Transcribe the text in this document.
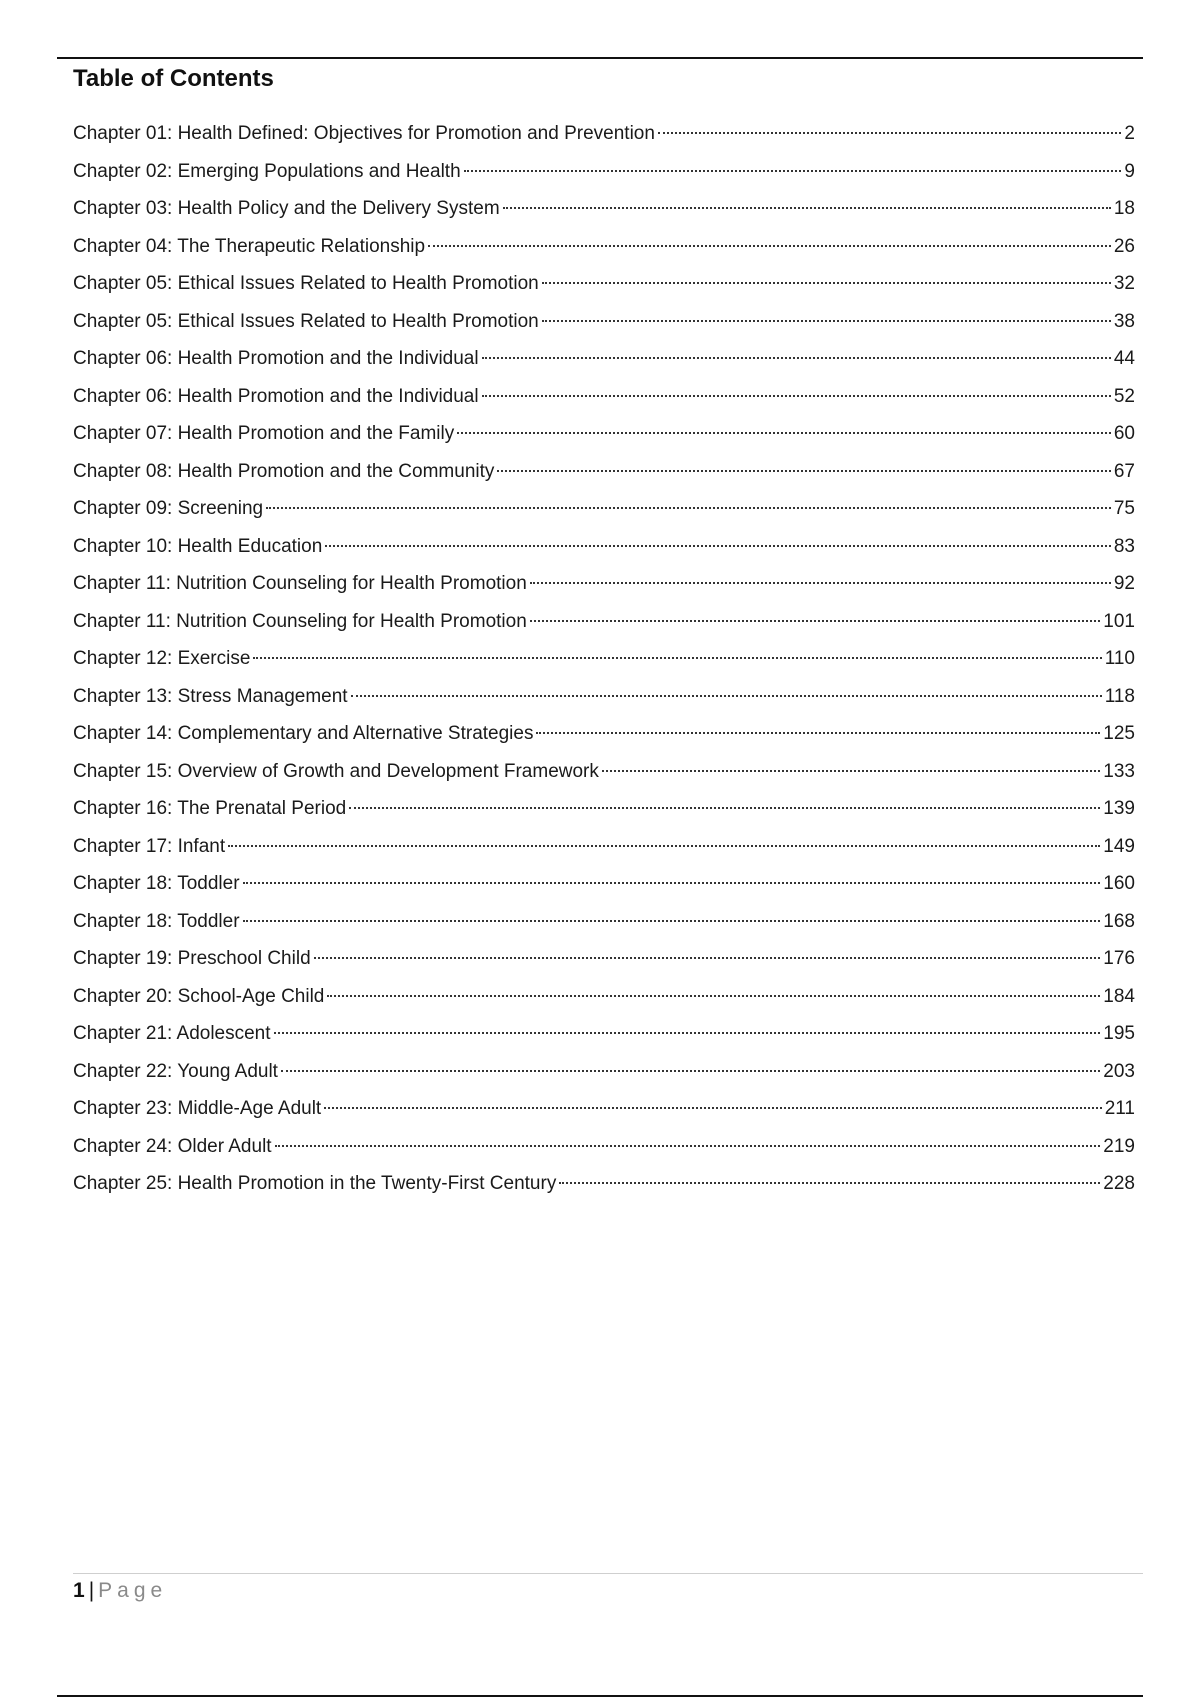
Table of Contents
Chapter 01: Health Defined: Objectives for Promotion and Prevention	2
Chapter 02: Emerging Populations and Health	9
Chapter 03: Health Policy and the Delivery System	18
Chapter 04: The Therapeutic Relationship	26
Chapter 05: Ethical Issues Related to Health Promotion	32
Chapter 05: Ethical Issues Related to Health Promotion	38
Chapter 06: Health Promotion and the Individual	44
Chapter 06: Health Promotion and the Individual	52
Chapter 07: Health Promotion and the Family	60
Chapter 08: Health Promotion and the Community	67
Chapter 09: Screening	75
Chapter 10: Health Education	83
Chapter 11: Nutrition Counseling for Health Promotion	92
Chapter 11: Nutrition Counseling for Health Promotion	101
Chapter 12: Exercise	110
Chapter 13: Stress Management	118
Chapter 14: Complementary and Alternative Strategies	125
Chapter 15: Overview of Growth and Development Framework	133
Chapter 16: The Prenatal Period	139
Chapter 17: Infant	149
Chapter 18: Toddler	160
Chapter 18: Toddler	168
Chapter 19: Preschool Child	176
Chapter 20: School-Age Child	184
Chapter 21: Adolescent	195
Chapter 22: Young Adult	203
Chapter 23: Middle-Age Adult	211
Chapter 24: Older Adult	219
Chapter 25: Health Promotion in the Twenty-First Century	228
1 | Page
